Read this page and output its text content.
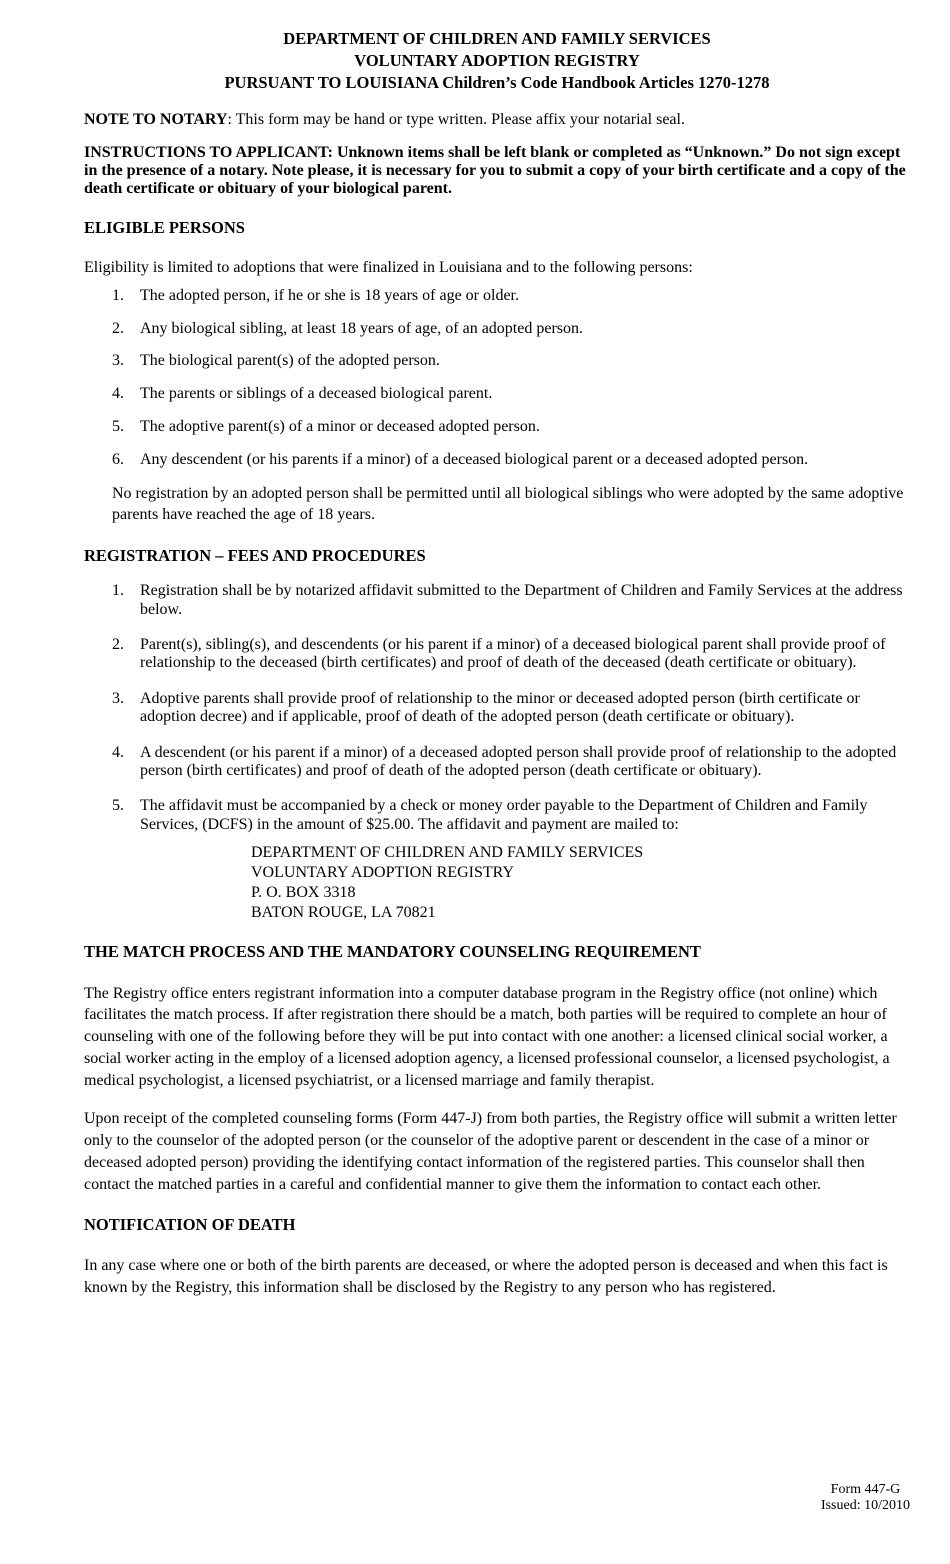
DEPARTMENT OF CHILDREN AND FAMILY SERVICES
VOLUNTARY ADOPTION REGISTRY
PURSUANT TO LOUISIANA Children’s Code Handbook Articles 1270-1278

NOTE TO NOTARY: This form may be hand or type written. Please affix your notarial seal.

INSTRUCTIONS TO APPLICANT: Unknown items shall be left blank or completed as “Unknown.” Do not sign except in the presence of a notary. Note please, it is necessary for you to submit a copy of your birth certificate and a copy of the death certificate or obituary of your biological parent.

ELIGIBLE PERSONS

Eligibility is limited to adoptions that were finalized in Louisiana and to the following persons:

1. The adopted person, if he or she is 18 years of age or older.
2. Any biological sibling, at least 18 years of age, of an adopted person.
3. The biological parent(s) of the adopted person.
4. The parents or siblings of a deceased biological parent.
5. The adoptive parent(s) of a minor or deceased adopted person.
6. Any descendent (or his parents if a minor) of a deceased biological parent or a deceased adopted person.

No registration by an adopted person shall be permitted until all biological siblings who were adopted by the same adoptive parents have reached the age of 18 years.

REGISTRATION – FEES AND PROCEDURES
1. Registration shall be by notarized affidavit submitted to the Department of Children and Family Services at the address below.
2. Parent(s), sibling(s), and descendents (or his parent if a minor) of a deceased biological parent shall provide proof of relationship to the deceased (birth certificates) and proof of death of the deceased (death certificate or obituary).
3. Adoptive parents shall provide proof of relationship to the minor or deceased adopted person (birth certificate or adoption decree) and if applicable, proof of death of the adopted person (death certificate or obituary).
4. A descendent (or his parent if a minor) of a deceased adopted person shall provide proof of relationship to the adopted person (birth certificates) and proof of death of the adopted person (death certificate or obituary).
5. The affidavit must be accompanied by a check or money order payable to the Department of Children and Family Services, (DCFS) in the amount of $25.00. The affidavit and payment are mailed to:
DEPARTMENT OF CHILDREN AND FAMILY SERVICES
VOLUNTARY ADOPTION REGISTRY
P. O. BOX 3318
BATON ROUGE, LA 70821
THE MATCH PROCESS AND THE MANDATORY COUNSELING REQUIREMENT

The Registry office enters registrant information into a computer database program in the Registry office (not online) which facilitates the match process. If after registration there should be a match, both parties will be required to complete an hour of counseling with one of the following before they will be put into contact with one another: a licensed clinical social worker, a social worker acting in the employ of a licensed adoption agency, a licensed professional counselor, a licensed psychologist, a medical psychologist, a licensed psychiatrist, or a licensed marriage and family therapist.

Upon receipt of the completed counseling forms (Form 447-J) from both parties, the Registry office will submit a written letter only to the counselor of the adopted person (or the counselor of the adoptive parent or descendent in the case of a minor or deceased adopted person) providing the identifying contact information of the registered parties. This counselor shall then contact the matched parties in a careful and confidential manner to give them the information to contact each other.

NOTIFICATION OF DEATH

In any case where one or both of the birth parents are deceased, or where the adopted person is deceased and when this fact is known by the Registry, this information shall be disclosed by the Registry to any person who has registered.

Form 447-G
Issued: 10/2010
